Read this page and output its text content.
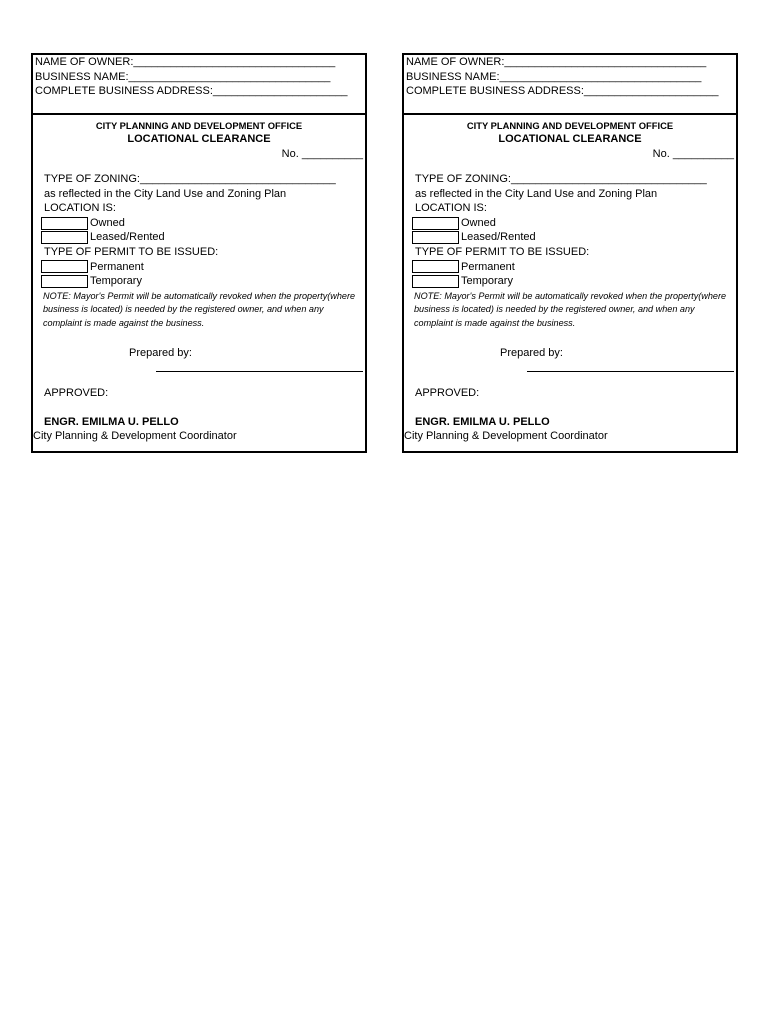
NAME OF OWNER:_________________________________
BUSINESS NAME:_________________________________
COMPLETE BUSINESS ADDRESS:______________________
CITY PLANNING AND DEVELOPMENT OFFICE
LOCATIONAL CLEARANCE
No. __________
TYPE OF ZONING:________________________________
as reflected in the City Land Use and Zoning Plan
LOCATION IS:
Owned
Leased/Rented
TYPE OF PERMIT TO BE ISSUED:
Permanent
Temporary
NOTE: Mayor's Permit will be automatically revoked when the property(where business is located) is needed by the registered owner, and when any complaint is made against the business.
Prepared by:
APPROVED:
ENGR. EMILMA U. PELLO
City Planning & Development Coordinator
NAME OF OWNER:_________________________________
BUSINESS NAME:_________________________________
COMPLETE BUSINESS ADDRESS:______________________
CITY PLANNING AND DEVELOPMENT OFFICE
LOCATIONAL CLEARANCE
No. __________
TYPE OF ZONING:________________________________
as reflected in the City Land Use and Zoning Plan
LOCATION IS:
Owned
Leased/Rented
TYPE OF PERMIT TO BE ISSUED:
Permanent
Temporary
NOTE: Mayor's Permit will be automatically revoked when the property(where business is located) is needed by the registered owner, and when any complaint is made against the business.
Prepared by:
APPROVED:
ENGR. EMILMA U. PELLO
City Planning & Development Coordinator
